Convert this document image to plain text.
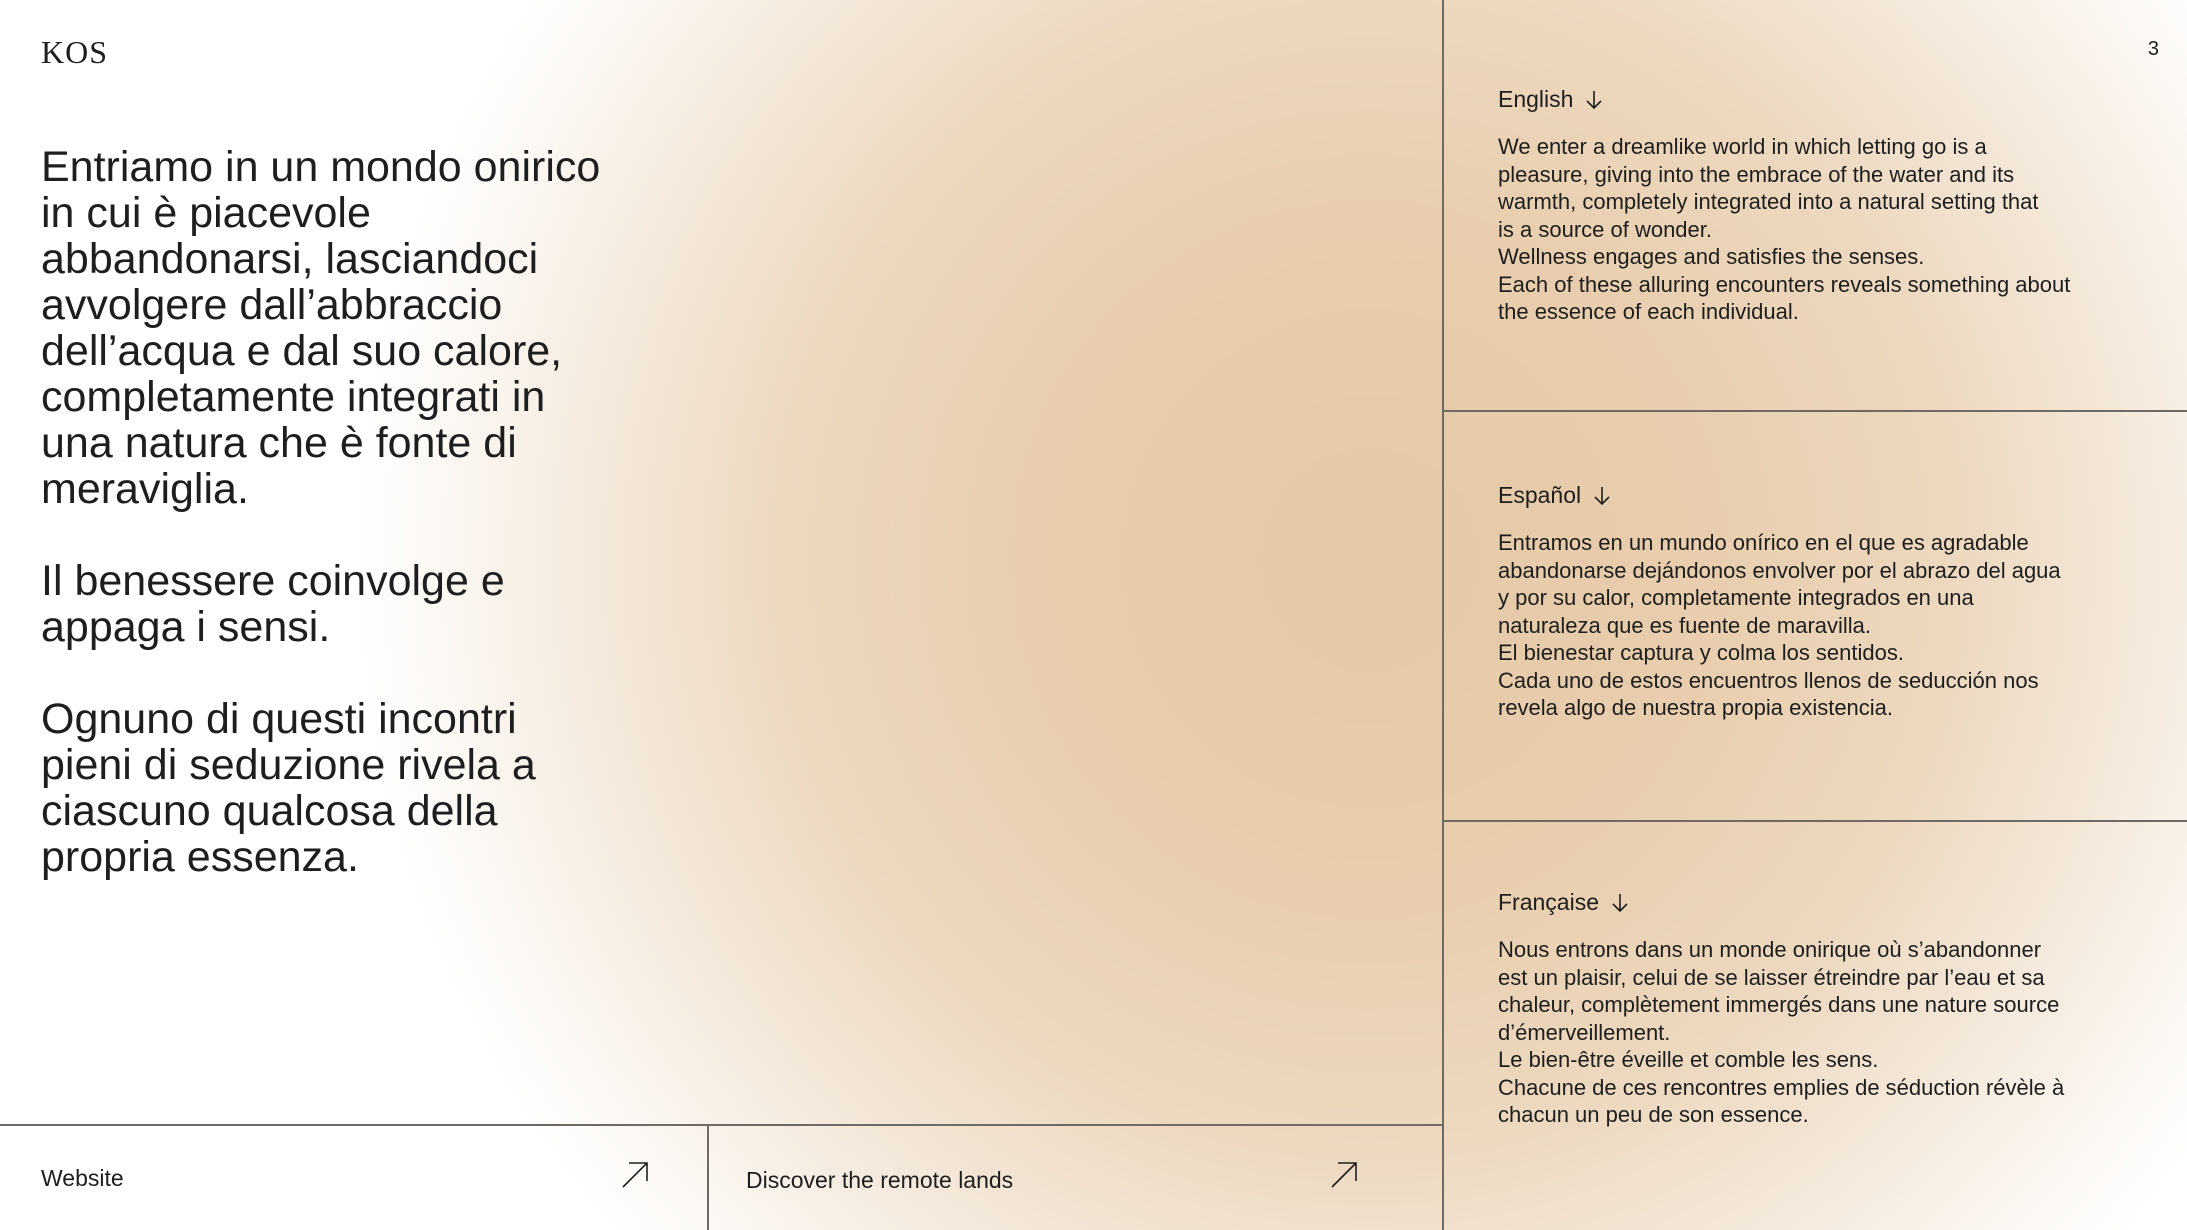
KOS	3

Entriamo in un mondo onirico in cui è piacevole abbandonarsi, lasciandoci avvolgere dall’abbraccio dell’acqua e dal suo calore, completamente integrati in una natura che è fonte di meraviglia.

Il benessere coinvolge e appaga i sensi.

Ognuno di questi incontri pieni di seduzione rivela a ciascuno qualcosa della propria essenza.

English
We enter a dreamlike world in which letting go is a
pleasure, giving into the embrace of the water and its
warmth, completely integrated into a natural setting that
is a source of wonder.
Wellness engages and satisfies the senses.
Each of these alluring encounters reveals something about
the essence of each individual.
Español
Entramos en un mundo onírico en el que es agradable
abandonarse dejándonos envolver por el abrazo del agua
y por su calor, completamente integrados en una
naturaleza que es fuente de maravilla.
El bienestar captura y colma los sentidos.
Cada uno de estos encuentros llenos de seducción nos
revela algo de nuestra propia existencia.
Française
Nous entrons dans un monde onirique où s’abandonner
est un plaisir, celui de se laisser étreindre par l’eau et sa
chaleur, complètement immergés dans une nature source
d’émerveillement.
Le bien-être éveille et comble les sens.
Chacune de ces rencontres emplies de séduction révèle à
chacun un peu de son essence.
Website	Discover the remote lands
